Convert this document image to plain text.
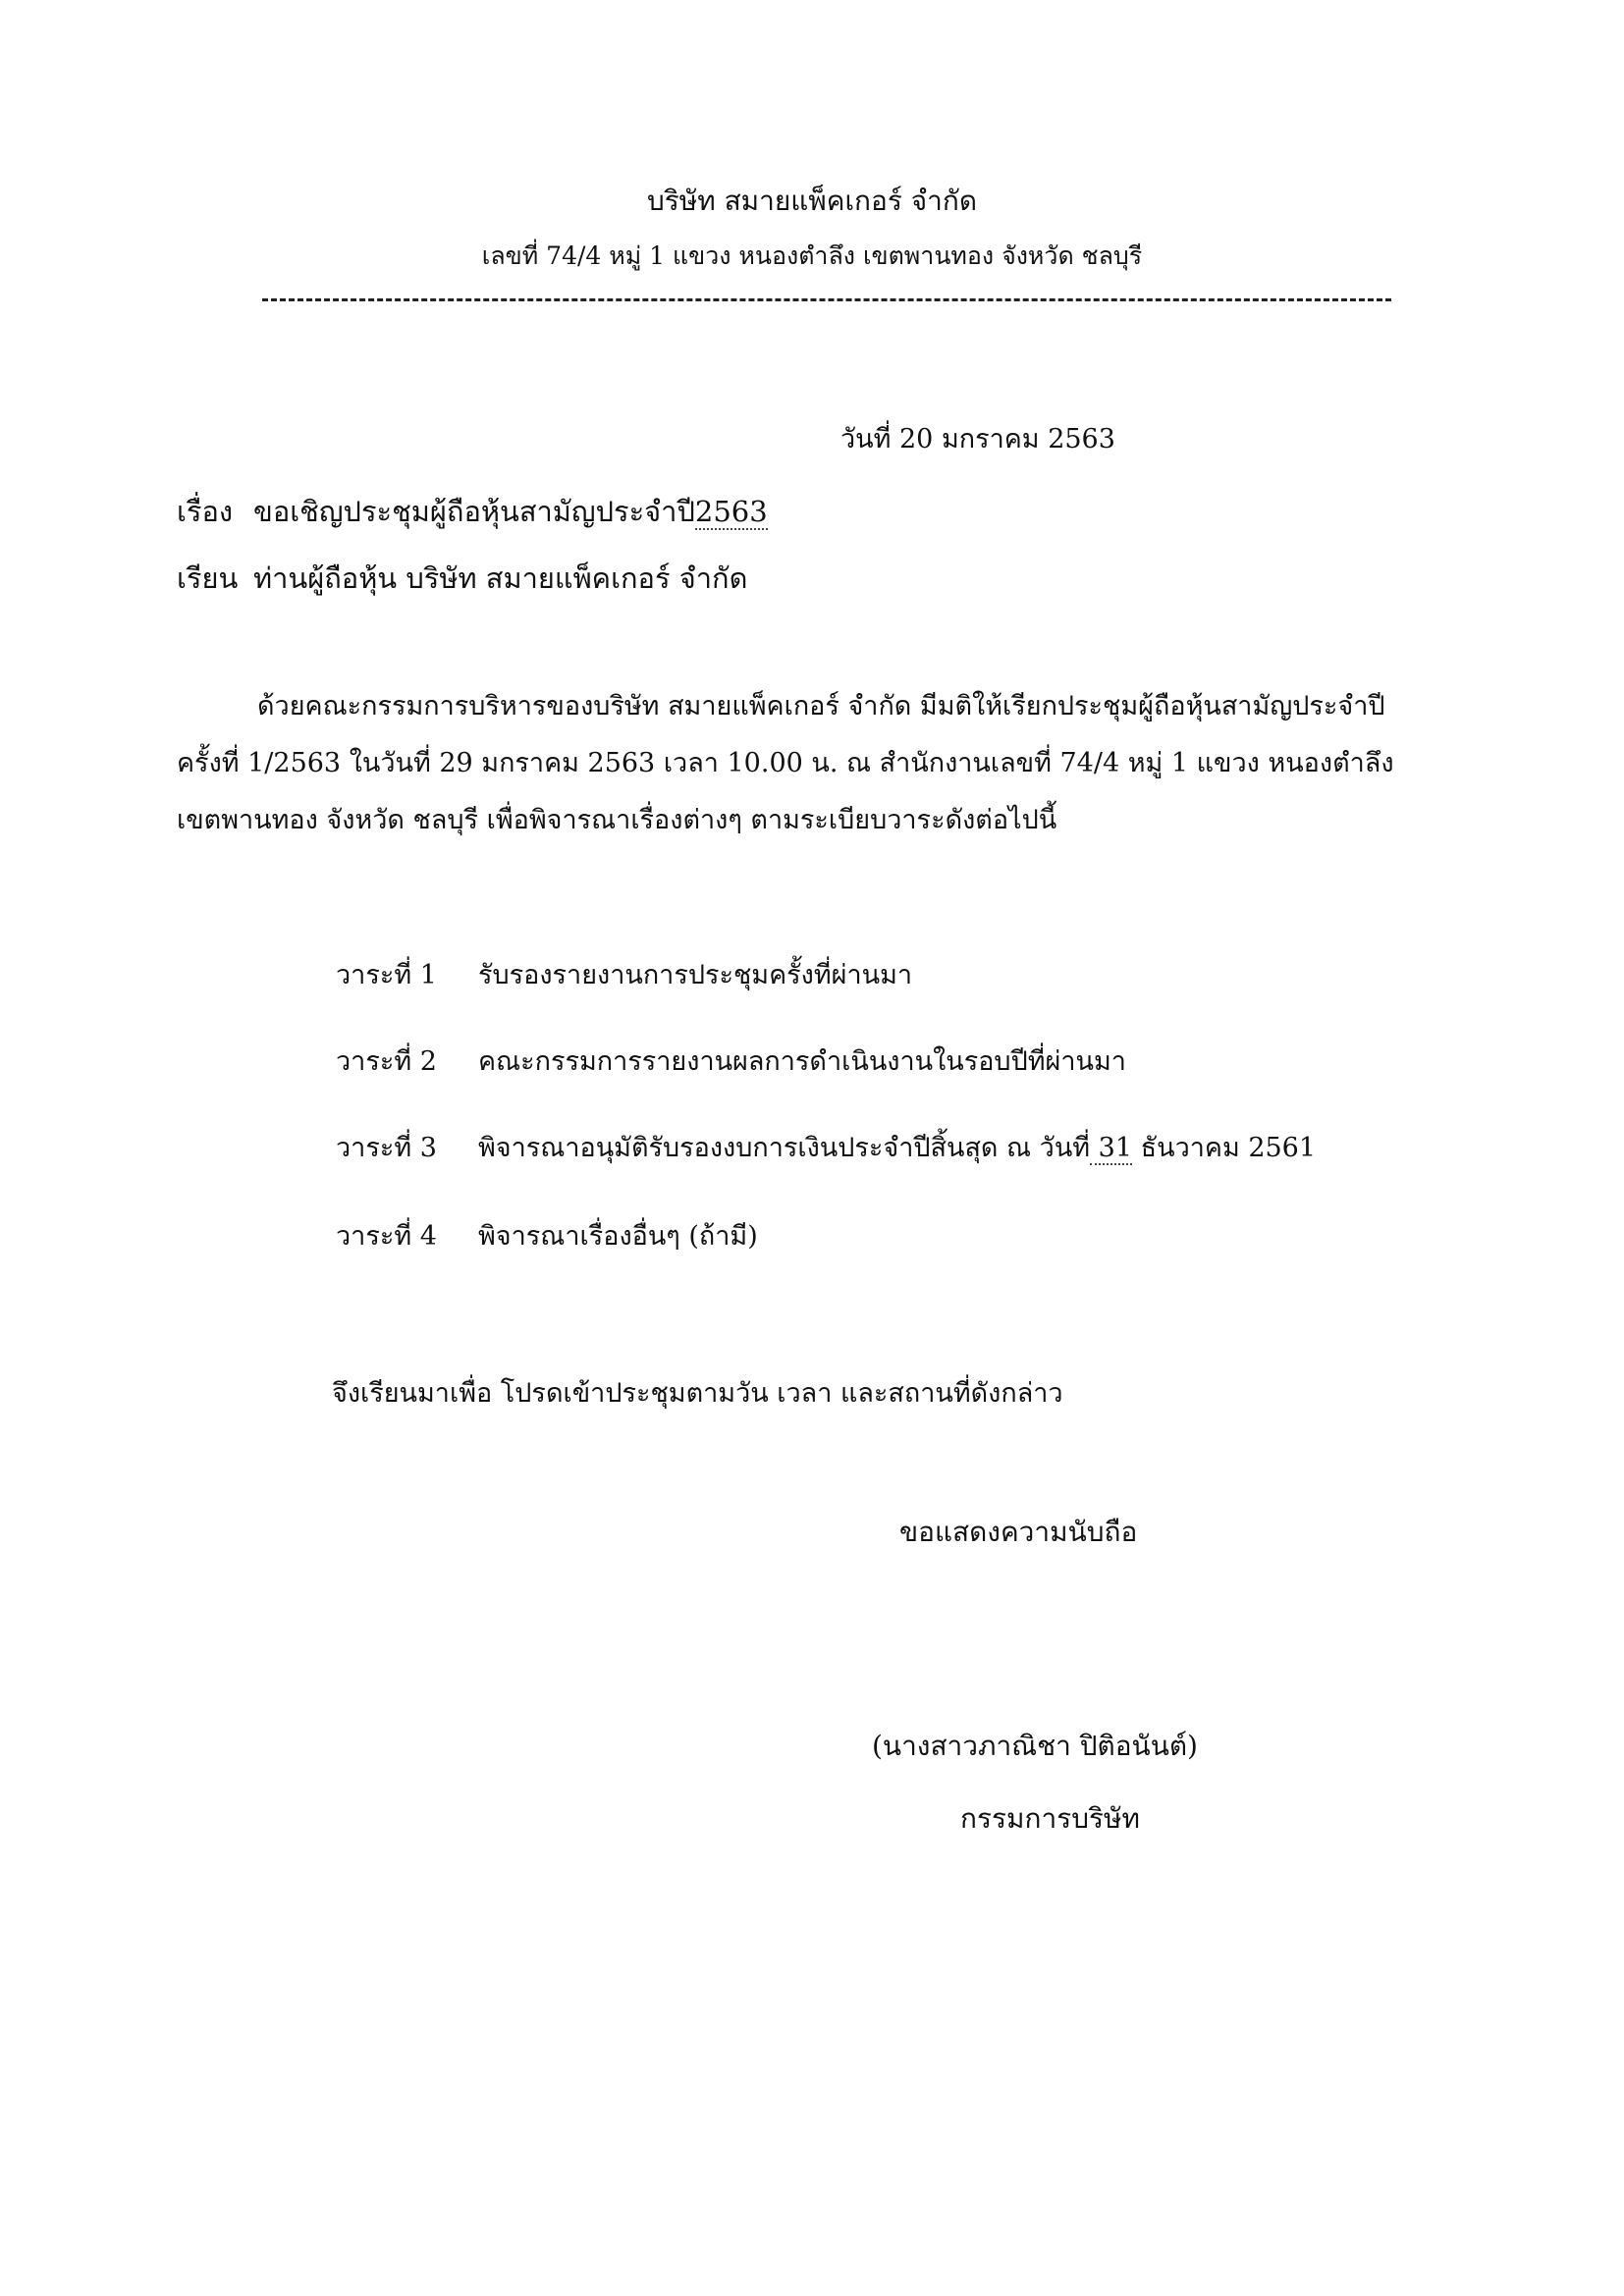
บริษัท สมายแพ็คเกอร์ จำกัด
เลขที่ 74/4 หมู่ 1 แขวง หนองตำลึง เขตพานทอง จังหวัด ชลบุรี
วันที่ 20 มกราคม 2563
เรื่อง ขอเชิญประชุมผู้ถือหุ้นสามัญประจำปี2563
เรียน ท่านผู้ถือหุ้น บริษัท สมายแพ็คเกอร์ จำกัด
ด้วยคณะกรรมการบริหารของบริษัท สมายแพ็คเกอร์ จำกัด มีมติให้เรียกประชุมผู้ถือหุ้นสามัญประจำปี
ครั้งที่ 1/2563 ในวันที่ 29 มกราคม 2563 เวลา 10.00 น. ณ สำนักงานเลขที่ 74/4 หมู่ 1 แขวง หนองตำลึง
เขตพานทอง จังหวัด ชลบุรี เพื่อพิจารณาเรื่องต่างๆ ตามระเบียบวาระดังต่อไปนี้
วาระที่ 1 รับรองรายงานการประชุมครั้งที่ผ่านมา
วาระที่ 2 คณะกรรมการรายงานผลการดำเนินงานในรอบปีที่ผ่านมา
วาระที่ 3 พิจารณาอนุมัติรับรองงบการเงินประจำปีสิ้นสุด ณ วันที่ 31 ธันวาคม 2561
วาระที่ 4 พิจารณาเรื่องอื่นๆ (ถ้ามี)
จึงเรียนมาเพื่อ โปรดเข้าประชุมตามวัน เวลา และสถานที่ดังกล่าว
ขอแสดงความนับถือ
(นางสาวภาณิชา ปิติอนันต์)
กรรมการบริษัท
